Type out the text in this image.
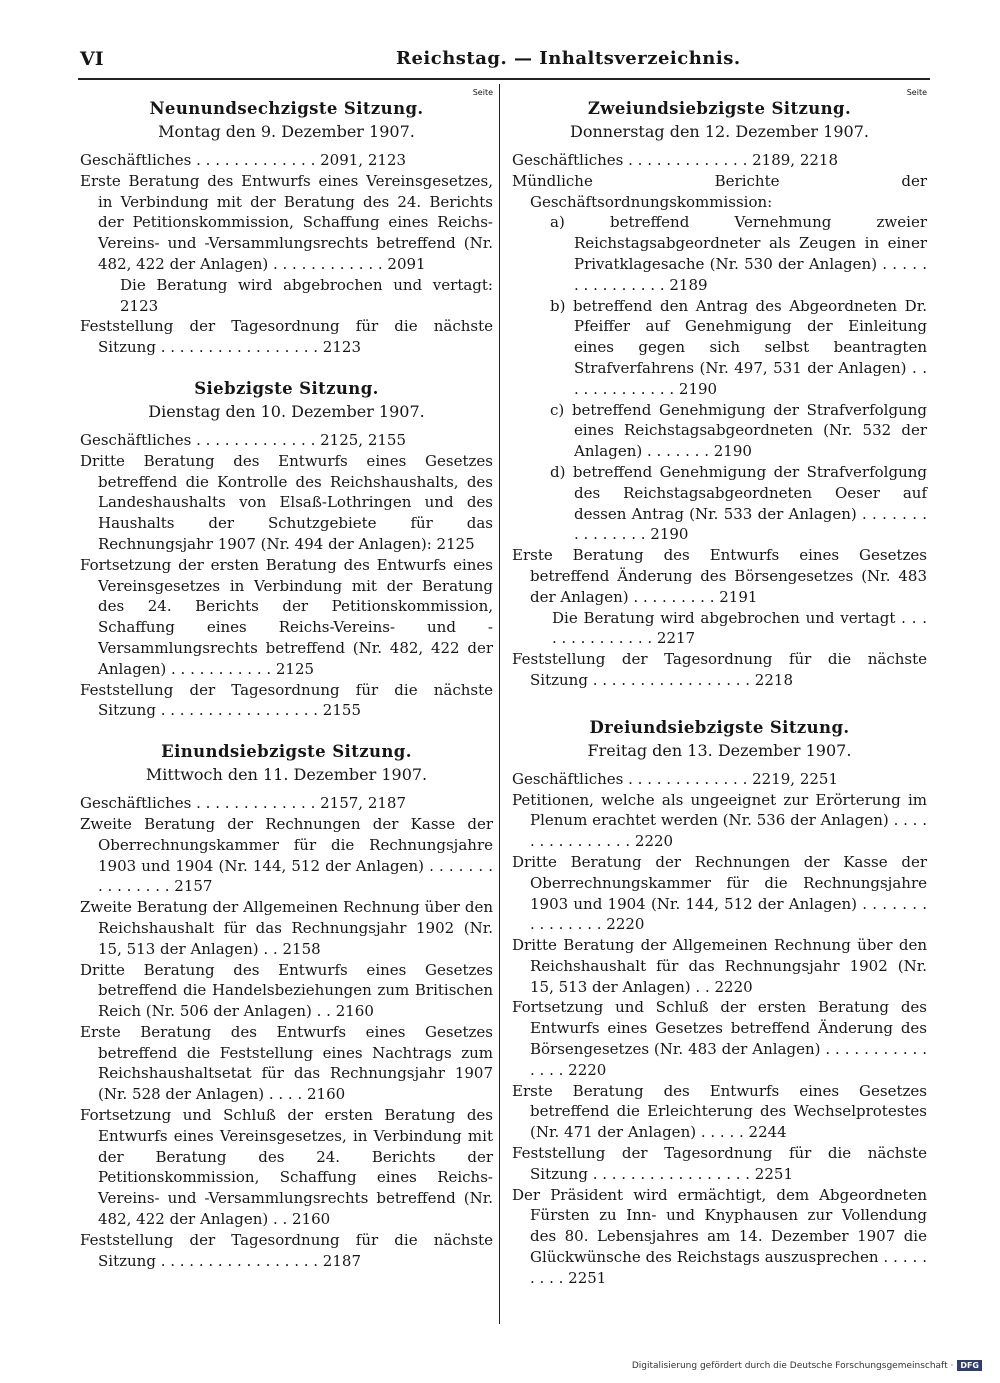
VI	Reichstag. — Inhaltsverzeichnis.
Seite
Neunundsechzigste Sitzung.
Montag den 9. Dezember 1907.
Geschäftliches . . . . . . . . . . . . . 2091, 2123
Erste Beratung des Entwurfs eines Vereinsgesetzes, in Verbindung mit der Beratung des 24. Berichts der Petitionskommission, Schaffung eines Reichs-Vereins- und -Versammlungsrechts betreffend (Nr. 482, 422 der Anlagen) . . . . . . . . . . . . 2091
Die Beratung wird abgebrochen und vertagt: 2123
Feststellung der Tagesordnung für die nächste Sitzung . . . . . . . . . . . . . . . . . 2123
Siebzigste Sitzung.
Dienstag den 10. Dezember 1907.
Geschäftliches . . . . . . . . . . . . . 2125, 2155
Dritte Beratung des Entwurfs eines Gesetzes betreffend die Kontrolle des Reichshaushalts, des Landeshaushalts von Elsaß-Lothringen und des Haushalts der Schutzgebiete für das Rechnungsjahr 1907 (Nr. 494 der Anlagen): 2125
Fortsetzung der ersten Beratung des Entwurfs eines Vereinsgesetzes in Verbindung mit der Beratung des 24. Berichts der Petitionskommission, Schaffung eines Reichs-Vereins- und -Versammlungsrechts betreffend (Nr. 482, 422 der Anlagen) . . . . . . . . . . . 2125
Feststellung der Tagesordnung für die nächste Sitzung . . . . . . . . . . . . . . . . . 2155
Einundsiebzigste Sitzung.
Mittwoch den 11. Dezember 1907.
Geschäftliches . . . . . . . . . . . . . 2157, 2187
Zweite Beratung der Rechnungen der Kasse der Oberrechnungskammer für die Rechnungsjahre 1903 und 1904 (Nr. 144, 512 der Anlagen) . . . . . . . . . . . . . . . 2157
Zweite Beratung der Allgemeinen Rechnung über den Reichshaushalt für das Rechnungsjahr 1902 (Nr. 15, 513 der Anlagen) . . 2158
Dritte Beratung des Entwurfs eines Gesetzes betreffend die Handelsbeziehungen zum Britischen Reich (Nr. 506 der Anlagen) . . 2160
Erste Beratung des Entwurfs eines Gesetzes betreffend die Feststellung eines Nachtrags zum Reichshaushaltsetat für das Rechnungsjahr 1907 (Nr. 528 der Anlagen) . . . . 2160
Fortsetzung und Schluß der ersten Beratung des Entwurfs eines Vereinsgesetzes, in Verbindung mit der Beratung des 24. Berichts der Petitionskommission, Schaffung eines Reichs-Vereins- und -Versammlungsrechts betreffend (Nr. 482, 422 der Anlagen) . . 2160
Feststellung der Tagesordnung für die nächste Sitzung . . . . . . . . . . . . . . . . . 2187
Seite
Zweiundsiebzigste Sitzung.
Donnerstag den 12. Dezember 1907.
Geschäftliches . . . . . . . . . . . . . 2189, 2218
Mündliche Berichte der Geschäftsordnungskommission:
a) betreffend Vernehmung zweier Reichstagsabgeordneter als Zeugen in einer Privatklagesache (Nr. 530 der Anlagen) . . . . . . . . . . . . . . . 2189
b) betreffend den Antrag des Abgeordneten Dr. Pfeiffer auf Genehmigung der Einleitung eines gegen sich selbst beantragten Strafverfahrens (Nr. 497, 531 der Anlagen) . . . . . . . . . . . . . 2190
c) betreffend Genehmigung der Strafverfolgung eines Reichstagsabgeordneten (Nr. 532 der Anlagen) . . . . . . . 2190
d) betreffend Genehmigung der Strafverfolgung des Reichstagsabgeordneten Oeser auf dessen Antrag (Nr. 533 der Anlagen) . . . . . . . . . . . . . . . 2190
Erste Beratung des Entwurfs eines Gesetzes betreffend Änderung des Börsengesetzes (Nr. 483 der Anlagen) . . . . . . . . . 2191
Die Beratung wird abgebrochen und vertagt . . . . . . . . . . . . . . 2217
Feststellung der Tagesordnung für die nächste Sitzung . . . . . . . . . . . . . . . . . 2218
Dreiundsiebzigste Sitzung.
Freitag den 13. Dezember 1907.
Geschäftliches . . . . . . . . . . . . . 2219, 2251
Petitionen, welche als ungeeignet zur Erörterung im Plenum erachtet werden (Nr. 536 der Anlagen) . . . . . . . . . . . . . . . 2220
Dritte Beratung der Rechnungen der Kasse der Oberrechnungskammer für die Rechnungsjahre 1903 und 1904 (Nr. 144, 512 der Anlagen) . . . . . . . . . . . . . . . 2220
Dritte Beratung der Allgemeinen Rechnung über den Reichshaushalt für das Rechnungsjahr 1902 (Nr. 15, 513 der Anlagen) . . 2220
Fortsetzung und Schluß der ersten Beratung des Entwurfs eines Gesetzes betreffend Änderung des Börsengesetzes (Nr. 483 der Anlagen) . . . . . . . . . . . . . . . 2220
Erste Beratung des Entwurfs eines Gesetzes betreffend die Erleichterung des Wechselprotestes (Nr. 471 der Anlagen) . . . . . 2244
Feststellung der Tagesordnung für die nächste Sitzung . . . . . . . . . . . . . . . . . 2251
Der Präsident wird ermächtigt, dem Abgeordneten Fürsten zu Inn- und Knyphausen zur Vollendung des 80. Lebensjahres am 14. Dezember 1907 die Glückwünsche des Reichstags auszusprechen . . . . . . . . . 2251
Digitalisierung gefördert durch die Deutsche Forschungsgemeinschaft · DFG
